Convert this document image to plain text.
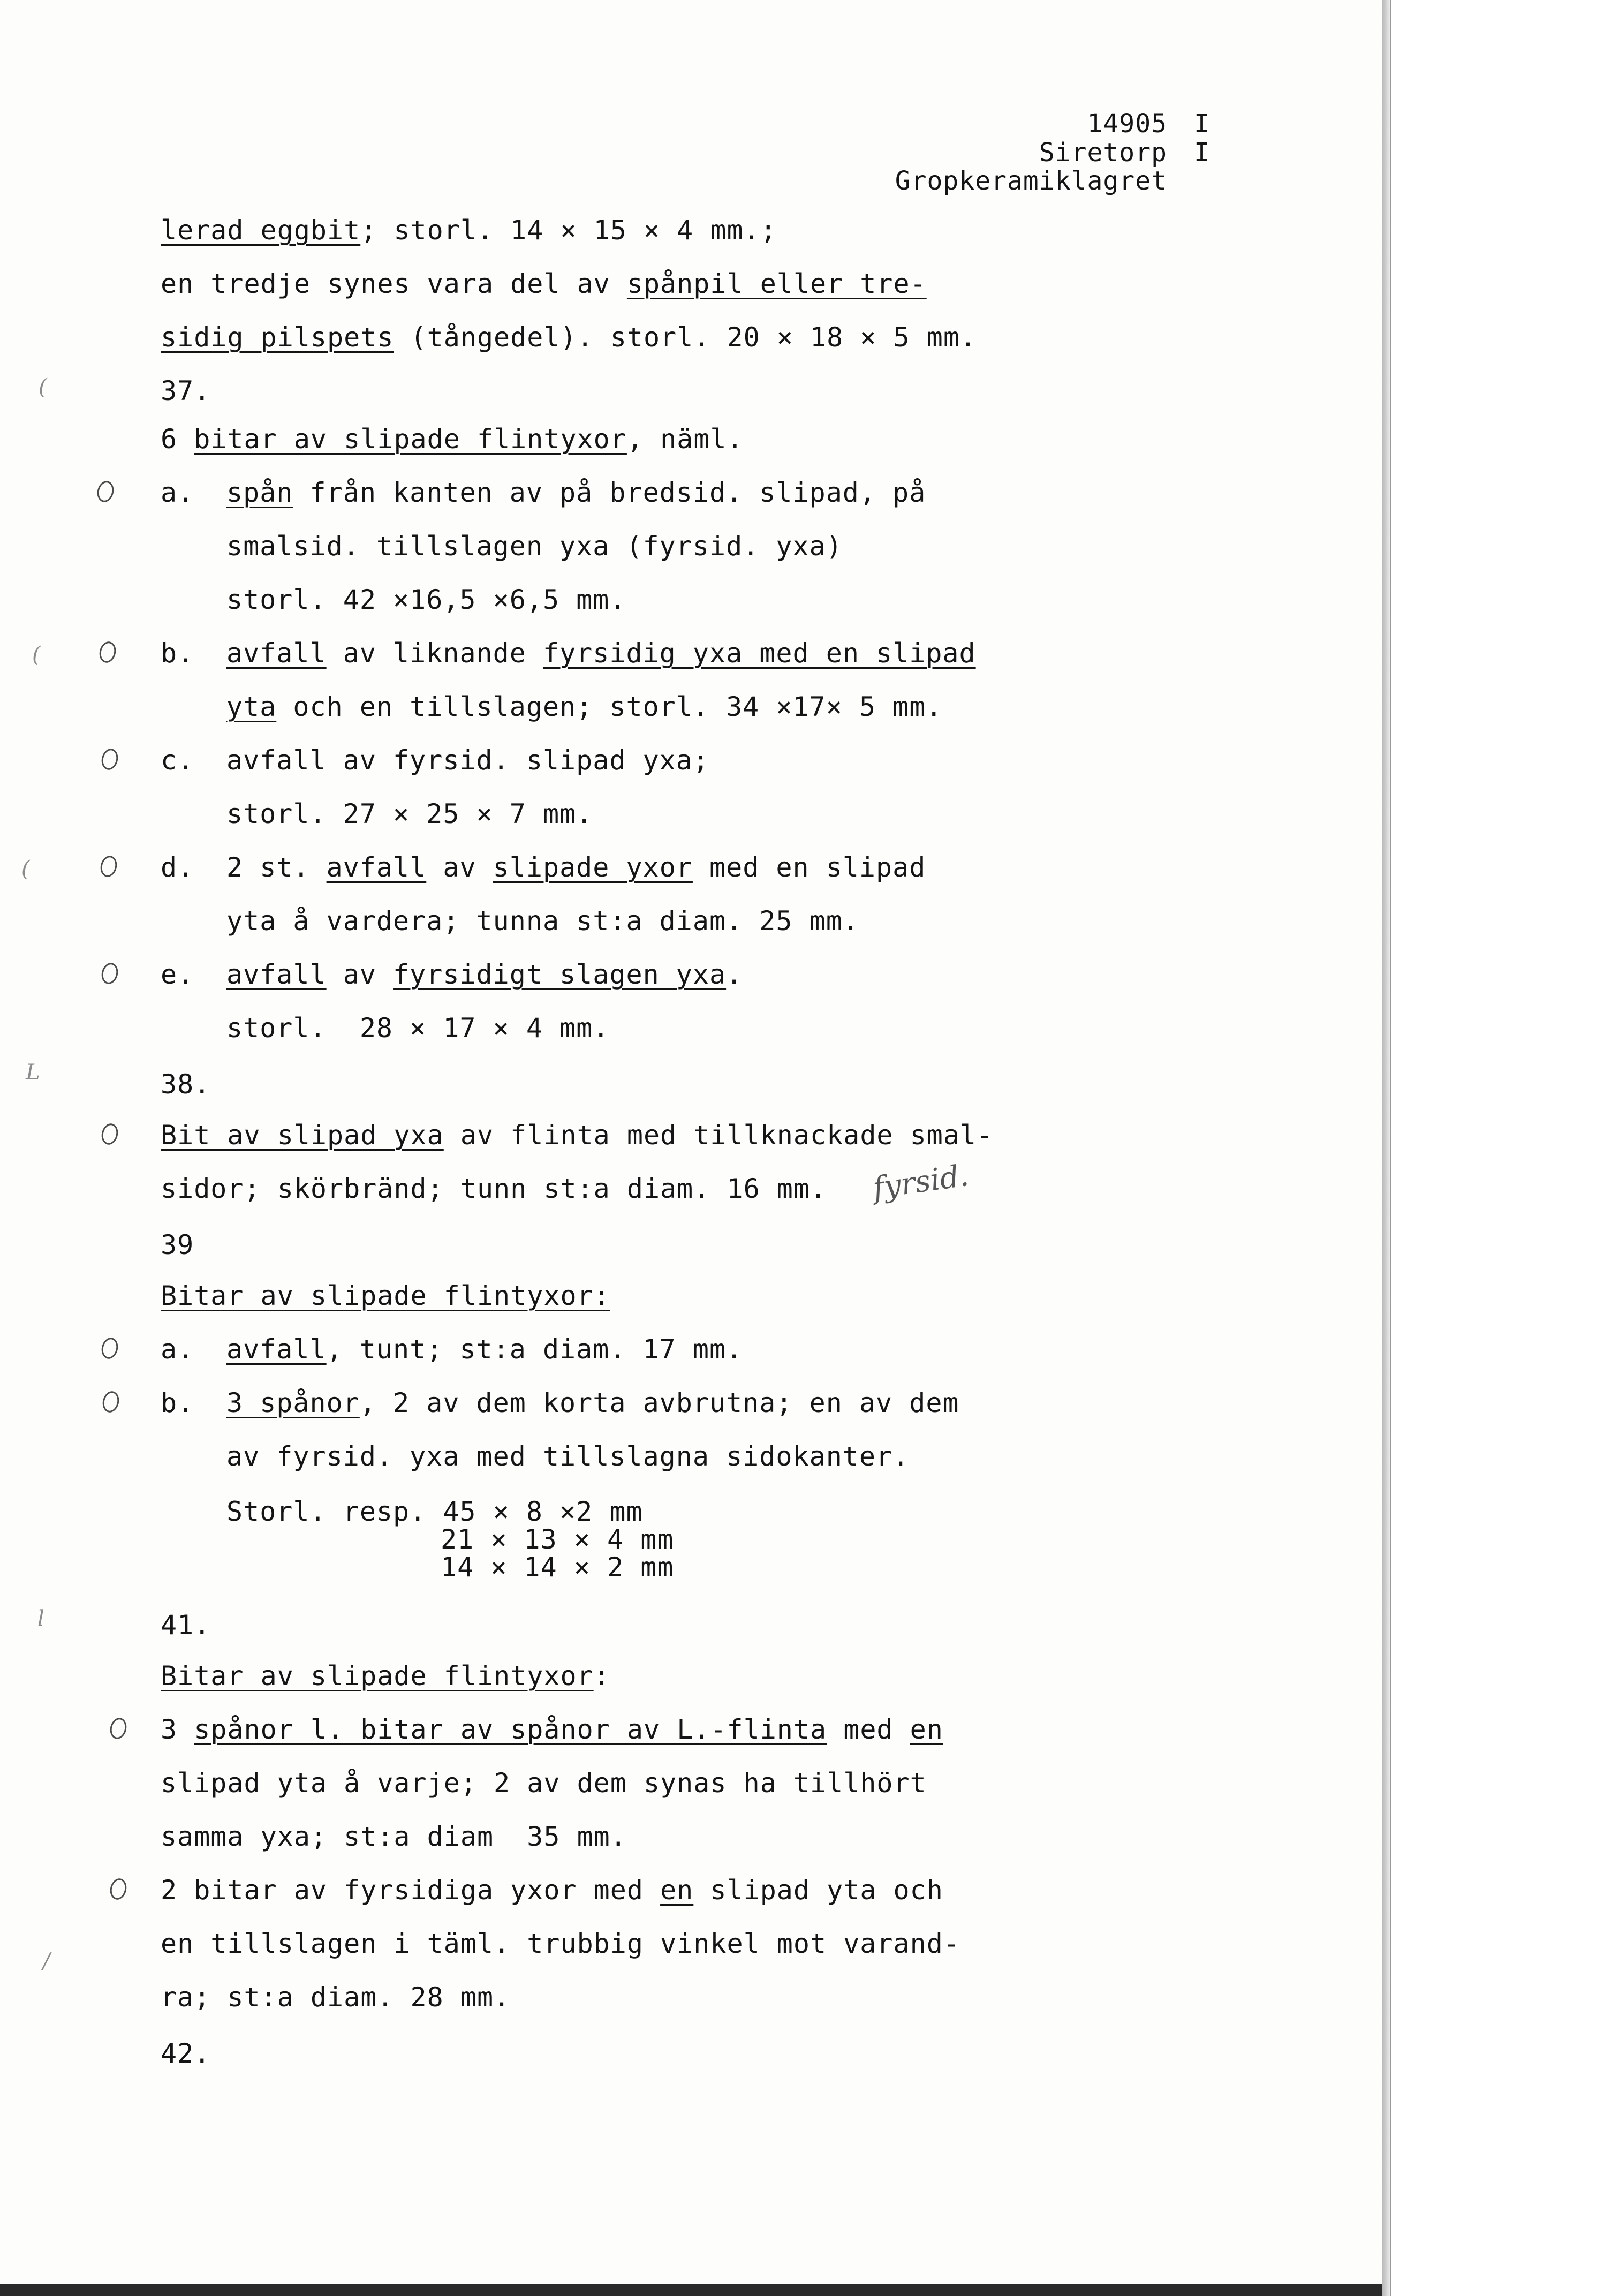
14905 I
Siretorp I
Gropkeramiklagret
lerad eggbit; storl. 14 × 15 × 4 mm.;
en tredje synes vara del av spånpil eller tre-
sidig pilspets (tångedel). storl. 20 × 18 × 5 mm.
37.
6 bitar av slipade flintyxor, näml.
a. spån från kanten av på bredsid. slipad, på
smalsid. tillslagen yxa (fyrsid. yxa)
storl. 42 ×16,5 ×6,5 mm.
b. avfall av liknande fyrsidig yxa med en slipad
yta och en tillslagen; storl. 34 ×17× 5 mm.
c. avfall av fyrsid. slipad yxa;
storl. 27 × 25 × 7 mm.
d. 2 st. avfall av slipade yxor med en slipad
yta å vardera; tunna st:a diam. 25 mm.
e. avfall av fyrsidigt slagen yxa.
storl.  28 × 17 × 4 mm.
38.
Bit av slipad yxa av flinta med tillknackade smal-
sidor; skörbränd; tunn st:a diam. 16 mm. fyrsid.
39
Bitar av slipade flintyxor:
a. avfall, tunt; st:a diam. 17 mm.
b. 3 spånor, 2 av dem korta avbrutna; en av dem
av fyrsid. yxa med tillslagna sidokanter.
Storl. resp. 45 × 8 ×2 mm
21 × 13 × 4 mm
14 × 14 × 2 mm
41.
Bitar av slipade flintyxor:
3 spånor l. bitar av spånor av L.-flinta med en
slipad yta å varje; 2 av dem synas ha tillhört
samma yxa; st:a diam  35 mm.
2 bitar av fyrsidiga yxor med en slipad yta och
en tillslagen i täml. trubbig vinkel mot varand-
ra; st:a diam. 28 mm.
42.
(
(
(
L
l
/
